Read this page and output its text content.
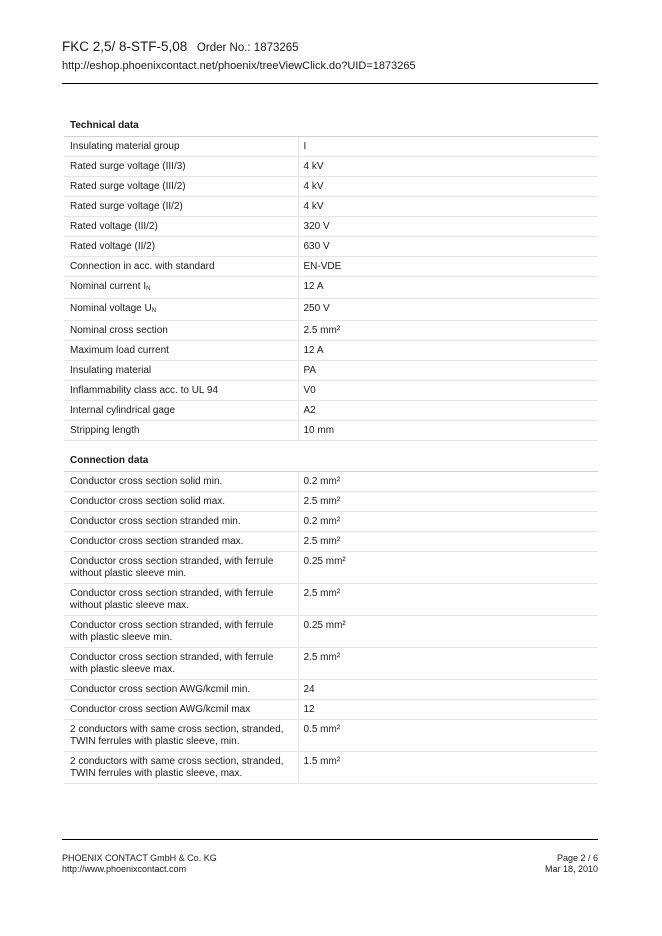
FKC 2,5/ 8-STF-5,08 Order No.: 1873265
http://eshop.phoenixcontact.net/phoenix/treeViewClick.do?UID=1873265
Technical data
Insulating material group	I
Rated surge voltage (III/3)	4 kV
Rated surge voltage (III/2)	4 kV
Rated surge voltage (II/2)	4 kV
Rated voltage (III/2)	320 V
Rated voltage (II/2)	630 V
Connection in acc. with standard	EN-VDE
Nominal current $I_N$	12 A
Nominal voltage $U_N$	250 V
Nominal cross section	2.5 mm²
Maximum load current	12 A
Insulating material	PA
Inflammability class acc. to UL 94	V0
Internal cylindrical gage	A2
Stripping length	10 mm
Connection data
Conductor cross section solid min.	0.2 mm²
Conductor cross section solid max.	2.5 mm²
Conductor cross section stranded min.	0.2 mm²
Conductor cross section stranded max.	2.5 mm²
Conductor cross section stranded, with ferrule without plastic sleeve min.	0.25 mm²
Conductor cross section stranded, with ferrule without plastic sleeve max.	2.5 mm²
Conductor cross section stranded, with ferrule with plastic sleeve min.	0.25 mm²
Conductor cross section stranded, with ferrule with plastic sleeve max.	2.5 mm²
Conductor cross section AWG/kcmil min.	24
Conductor cross section AWG/kcmil max	12
2 conductors with same cross section, stranded, TWIN ferrules with plastic sleeve, min.	0.5 mm²
2 conductors with same cross section, stranded, TWIN ferrules with plastic sleeve, max.	1.5 mm²
PHOENIX CONTACT GmbH & Co. KG
http://www.phoenixcontact.com
Page 2 / 6
Mar 18, 2010
